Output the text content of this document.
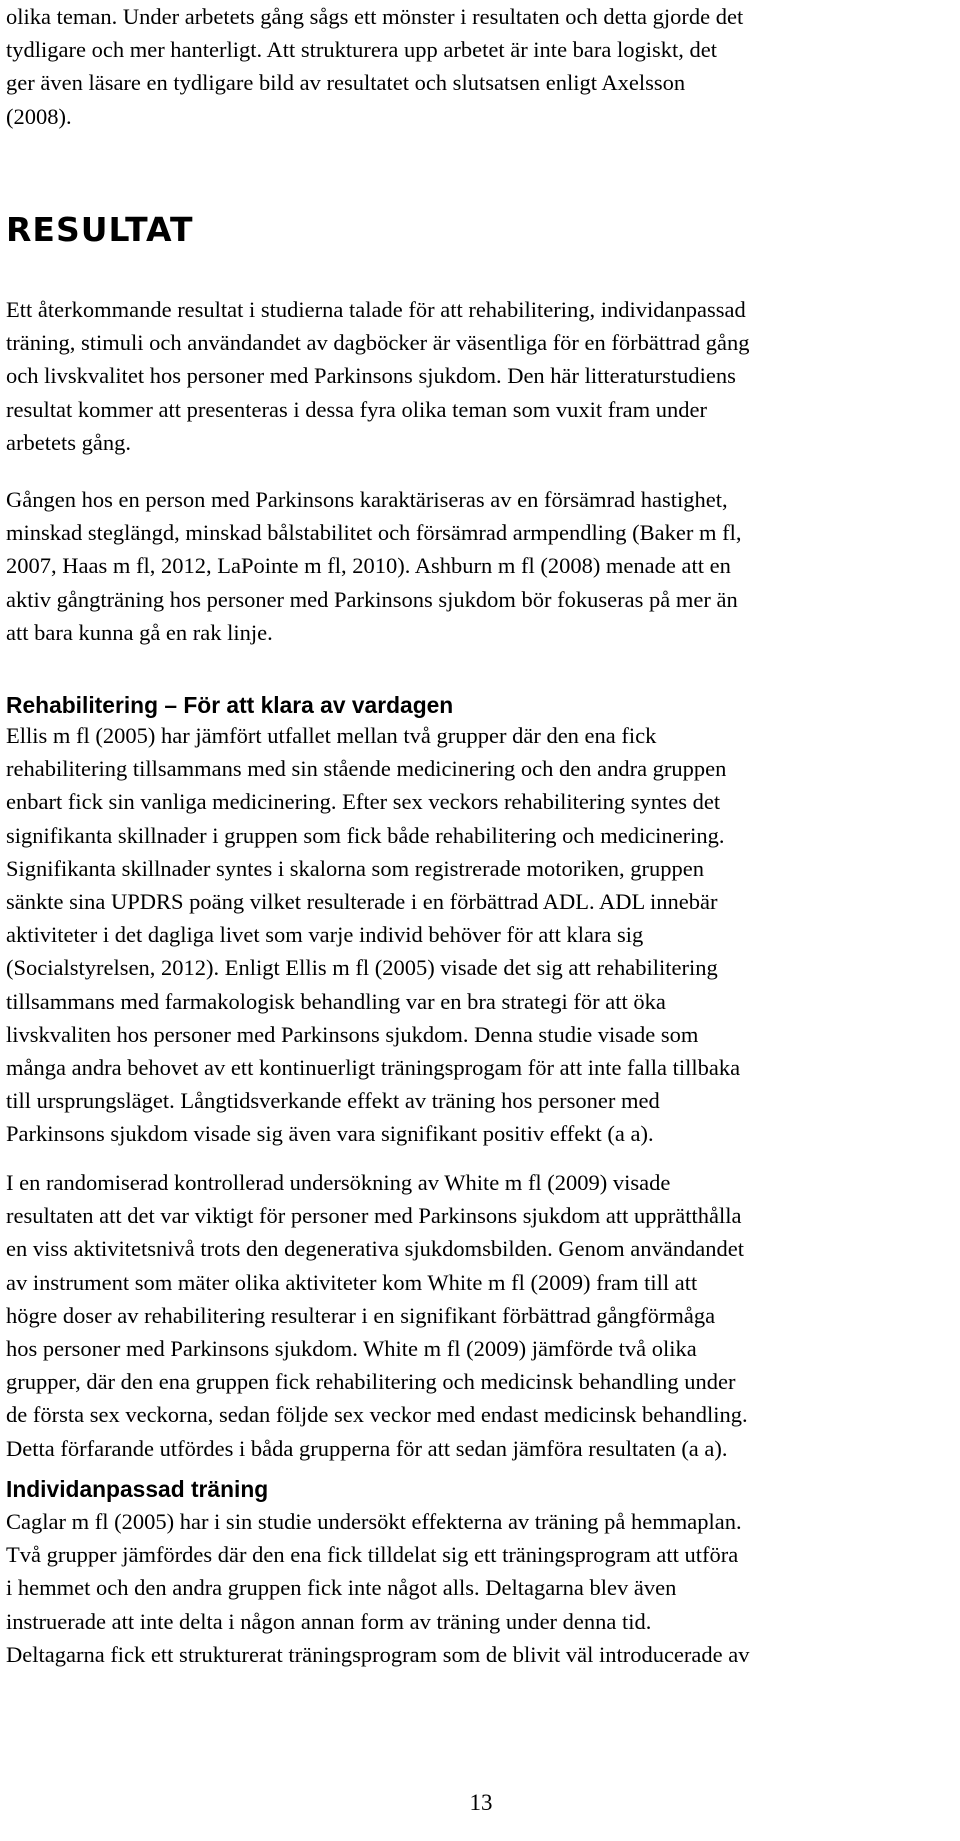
olika teman. Under arbetets gång sågs ett mönster i resultaten och detta gjorde det
tydligare och mer hanterligt. Att strukturera upp arbetet är inte bara logiskt, det
ger även läsare en tydligare bild av resultatet och slutsatsen enligt Axelsson
(2008).

RESULTAT

Ett återkommande resultat i studierna talade för att rehabilitering, individanpassad
träning, stimuli och användandet av dagböcker är väsentliga för en förbättrad gång
och livskvalitet hos personer med Parkinsons sjukdom. Den här litteraturstudiens
resultat kommer att presenteras i dessa fyra olika teman som vuxit fram under
arbetets gång.

Gången hos en person med Parkinsons karaktäriseras av en försämrad hastighet,
minskad steglängd, minskad bålstabilitet och försämrad armpendling (Baker m fl,
2007, Haas m fl, 2012, LaPointe m fl, 2010). Ashburn m fl (2008) menade att en
aktiv gångträning hos personer med Parkinsons sjukdom bör fokuseras på mer än
att bara kunna gå en rak linje.

Rehabilitering – För att klara av vardagen

Ellis m fl (2005) har jämfört utfallet mellan två grupper där den ena fick
rehabilitering tillsammans med sin stående medicinering och den andra gruppen
enbart fick sin vanliga medicinering. Efter sex veckors rehabilitering syntes det
signifikanta skillnader i gruppen som fick både rehabilitering och medicinering.
Signifikanta skillnader syntes i skalorna som registrerade motoriken, gruppen
sänkte sina UPDRS poäng vilket resulterade i en förbättrad ADL. ADL innebär
aktiviteter i det dagliga livet som varje individ behöver för att klara sig
(Socialstyrelsen, 2012). Enligt Ellis m fl (2005) visade det sig att rehabilitering
tillsammans med farmakologisk behandling var en bra strategi för att öka
livskvaliten hos personer med Parkinsons sjukdom. Denna studie visade som
många andra behovet av ett kontinuerligt träningsprogam för att inte falla tillbaka
till ursprungsläget. Långtidsverkande effekt av träning hos personer med
Parkinsons sjukdom visade sig även vara signifikant positiv effekt (a a).

I en randomiserad kontrollerad undersökning av White m fl (2009) visade
resultaten att det var viktigt för personer med Parkinsons sjukdom att upprätthålla
en viss aktivitetsnivå trots den degenerativa sjukdomsbilden. Genom användandet
av instrument som mäter olika aktiviteter kom White m fl (2009) fram till att
högre doser av rehabilitering resulterar i en signifikant förbättrad gångförmåga
hos personer med Parkinsons sjukdom. White m fl (2009) jämförde två olika
grupper, där den ena gruppen fick rehabilitering och medicinsk behandling under
de första sex veckorna, sedan följde sex veckor med endast medicinsk behandling.
Detta förfarande utfördes i båda grupperna för att sedan jämföra resultaten (a a).

Individanpassad träning

Caglar m fl (2005) har i sin studie undersökt effekterna av träning på hemmaplan.
Två grupper jämfördes där den ena fick tilldelat sig ett träningsprogram att utföra
i hemmet och den andra gruppen fick inte något alls. Deltagarna blev även
instruerade att inte delta i någon annan form av träning under denna tid.
Deltagarna fick ett strukturerat träningsprogram som de blivit väl introducerade av

13
